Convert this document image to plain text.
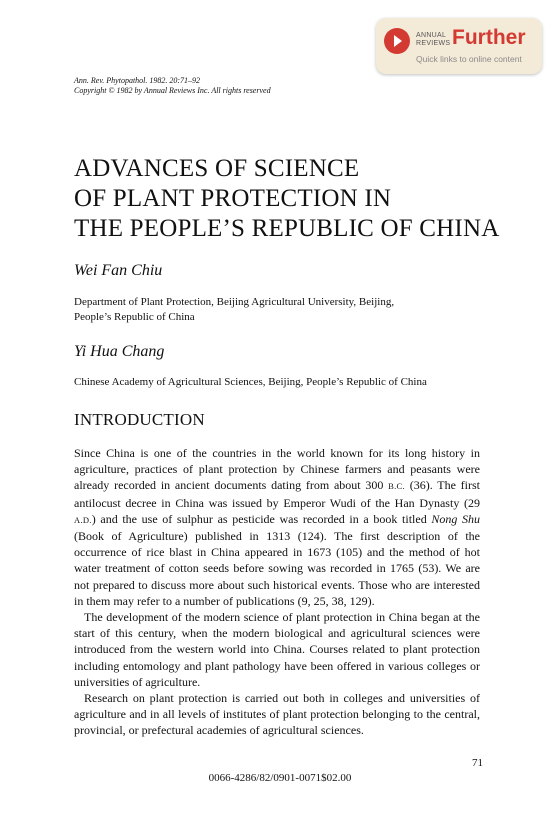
ANNUAL
REVIEWS Further
Quick links to online content
Ann. Rev. Phytopathol. 1982. 20:71–92
Copyright © 1982 by Annual Reviews Inc. All rights reserved
ADVANCES OF SCIENCE
OF PLANT PROTECTION IN
THE PEOPLE’S REPUBLIC OF CHINA
Wei Fan Chiu
Department of Plant Protection, Beijing Agricultural University, Beijing,
People’s Republic of China
Yi Hua Chang
Chinese Academy of Agricultural Sciences, Beijing, People’s Republic of China
INTRODUCTION

Since China is one of the countries in the world known for its long history in agriculture, practices of plant protection by Chinese farmers and peasants were already recorded in ancient documents dating from about 300 B.C. (36). The first antilocust decree in China was issued by Emperor Wudi of the Han Dynasty (29 A.D.) and the use of sulphur as pesticide was recorded in a book titled Nong Shu (Book of Agriculture) published in 1313 (124). The first description of the occurrence of rice blast in China appeared in 1673 (105) and the method of hot water treatment of cotton seeds before sowing was recorded in 1765 (53). We are not prepared to discuss more about such historical events. Those who are interested in them may refer to a number of publications (9, 25, 38, 129).

The development of the modern science of plant protection in China began at the start of this century, when the modern biological and agricultural sciences were introduced from the western world into China. Courses related to plant protection including entomology and plant pathology have been offered in various colleges or universities of agriculture.

Research on plant protection is carried out both in colleges and universities of agriculture and in all levels of institutes of plant protection belonging to the central, provincial, or prefectural academies of agricultural sciences.

71
0066-4286/82/0901-0071$02.00
